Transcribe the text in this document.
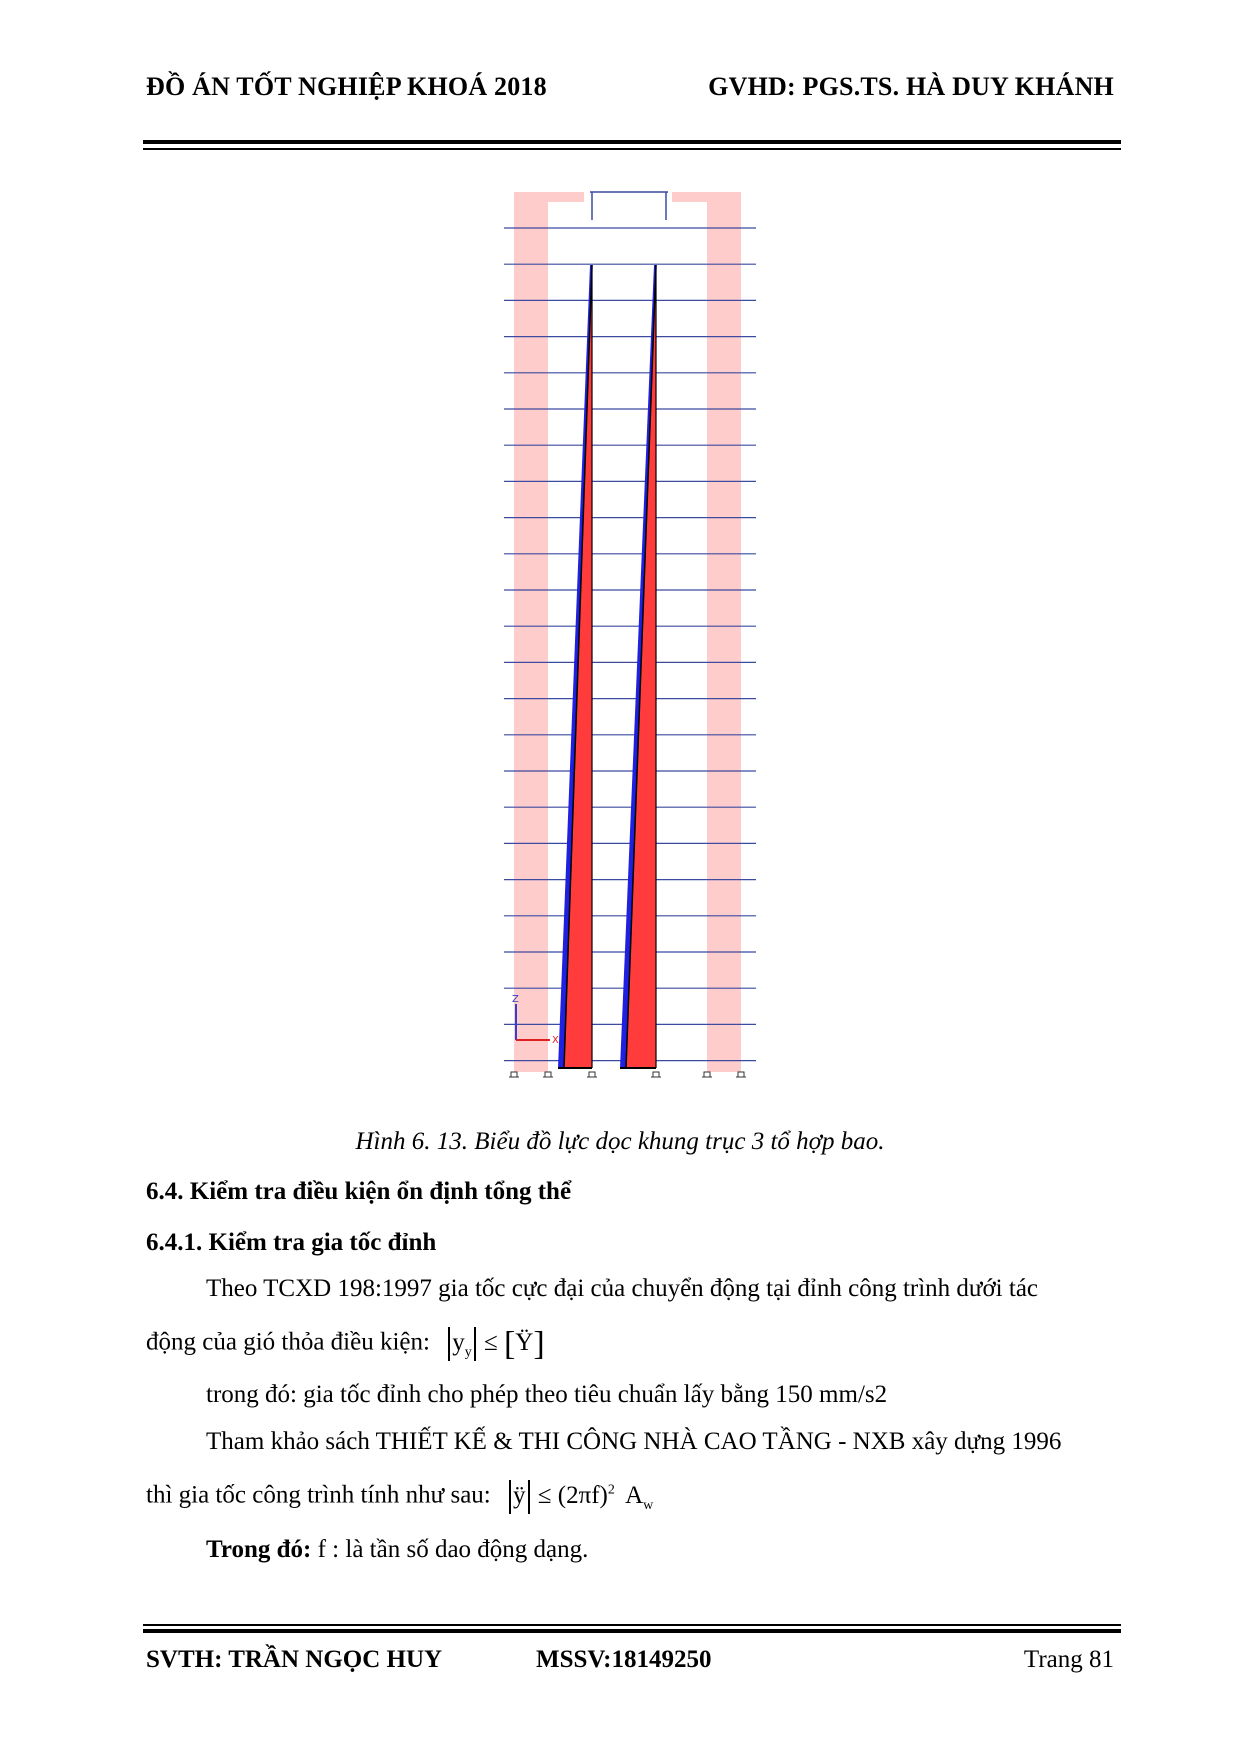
ĐỒ ÁN TỐT NGHIỆP KHOÁ 2018	GVHD: PGS.TS. HÀ DUY KHÁNH
Z
X
Hình 6. 13. Biểu đồ lực dọc khung trục 3 tổ hợp bao.
6.4. Kiểm tra điều kiện ổn định tổng thể
6.4.1. Kiểm tra gia tốc đỉnh
Theo TCXD 198:1997 gia tốc cực đại của chuyển động tại đỉnh công trình dưới tác
động của gió thỏa điều kiện: $y_y$ ≤ [Ÿ]
trong đó: gia tốc đỉnh cho phép theo tiêu chuẩn lấy bằng 150 mm/s2
Tham khảo sách THIẾT KẾ & THI CÔNG NHÀ CAO TẦNG - NXB xây dựng 1996
thì gia tốc công trình tính như sau: ÿ ≤ $(2\pi f)^2$ $A_w$
Trong đó: f : là tần số dao động dạng.
SVTH: TRẦN NGỌC HUY	MSSV:18149250	Trang 81
